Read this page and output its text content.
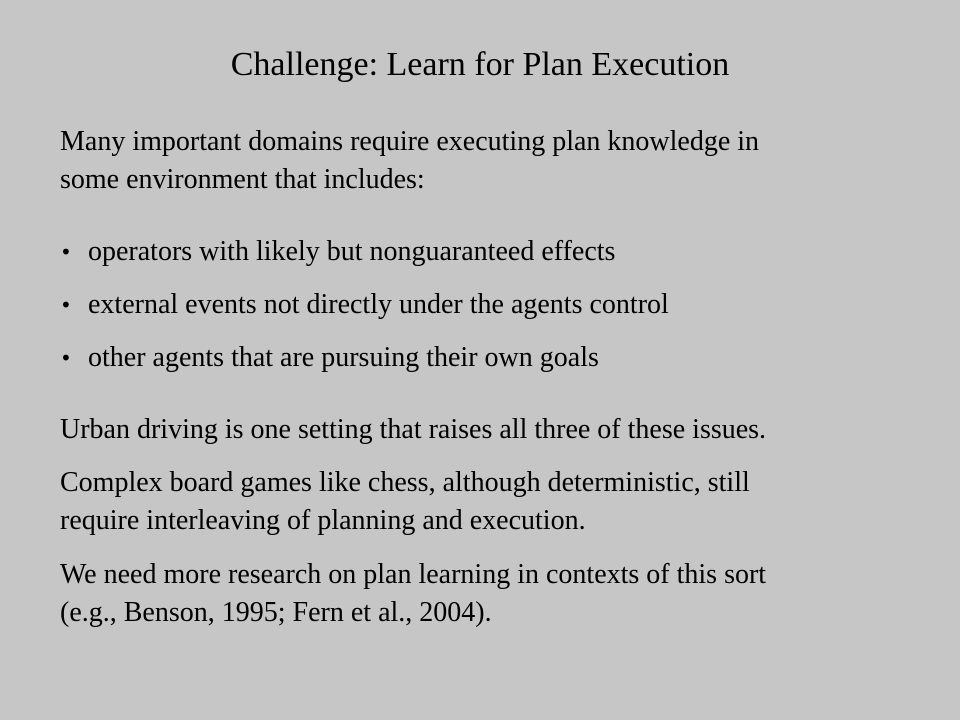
Challenge: Learn for Plan Execution
Many important domains require executing plan knowledge in
some environment that includes:
• operators with likely but nonguaranteed effects
• external events not directly under the agents control
• other agents that are pursuing their own goals
Urban driving is one setting that raises all three of these issues.
Complex board games like chess, although deterministic, still
require interleaving of planning and execution.
We need more research on plan learning in contexts of this sort
(e.g., Benson, 1995; Fern et al., 2004).
